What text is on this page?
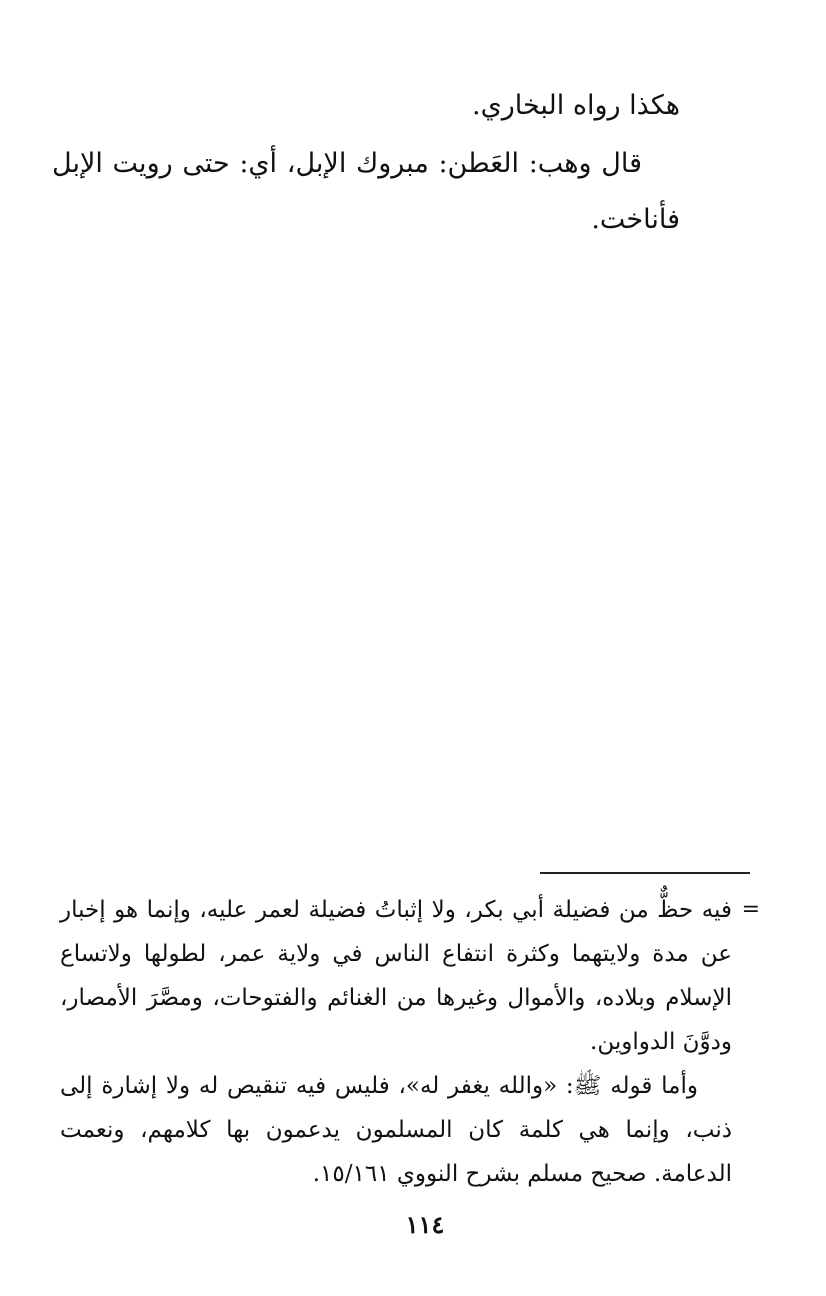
هكذا رواه البخاري.
قال وهب: العَطن: مبروك الإبل، أي: حتى رويت الإبل فأناخت.
=

فيه حظٌّ من فضيلة أبي بكر، ولا إثباتُ فضيلة لعمر عليه، وإنما هو إخبار عن مدة ولايتهما وكثرة انتفاع الناس في ولاية عمر، لطولها ولاتساع الإسلام وبلاده، والأموال وغيرها من الغنائم والفتوحات، ومصَّرَ الأمصار، ودوَّنَ الدواوين.

وأما قوله ﷺ: «والله يغفر له»، فليس فيه تنقيص له ولا إشارة إلى ذنب، وإنما هي كلمة كان المسلمون يدعمون بها كلامهم، ونعمت الدعامة. صحيح مسلم بشرح النووي ١٥/١٦١.

١١٤
